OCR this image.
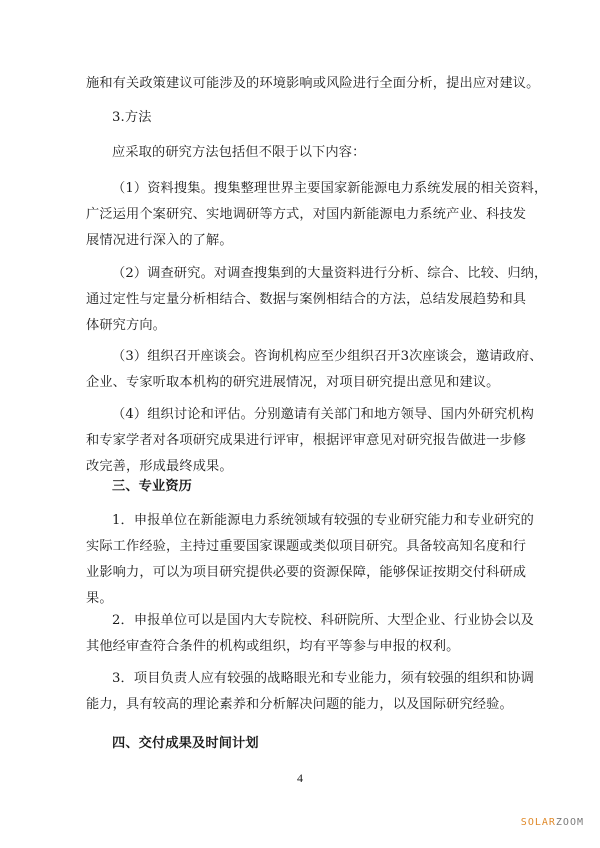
施和有关政策建议可能涉及的环境影响或风险进行全面分析，提出应对建议。

3.方法

应采取的研究方法包括但不限于以下内容：

（1）资料搜集。搜集整理世界主要国家新能源电力系统发展的相关资料，
广泛运用个案研究、实地调研等方式，对国内新能源电力系统产业、科技发
展情况进行深入的了解。

（2）调查研究。对调查搜集到的大量资料进行分析、综合、比较、归纳，
通过定性与定量分析相结合、数据与案例相结合的方法，总结发展趋势和具
体研究方向。

（3）组织召开座谈会。咨询机构应至少组织召开3次座谈会，邀请政府、
企业、专家听取本机构的研究进展情况，对项目研究提出意见和建议。

（4）组织讨论和评估。分别邀请有关部门和地方领导、国内外研究机构
和专家学者对各项研究成果进行评审，根据评审意见对研究报告做进一步修
改完善，形成最终成果。

三、专业资历

1．申报单位在新能源电力系统领域有较强的专业研究能力和专业研究的
实际工作经验，主持过重要国家课题或类似项目研究。具备较高知名度和行
业影响力，可以为项目研究提供必要的资源保障，能够保证按期交付科研成
果。

2．申报单位可以是国内大专院校、科研院所、大型企业、行业协会以及
其他经审查符合条件的机构或组织，均有平等参与申报的权利。

3．项目负责人应有较强的战略眼光和专业能力，须有较强的组织和协调
能力，具有较高的理论素养和分析解决问题的能力，以及国际研究经验。

四、交付成果及时间计划

4
SOLARZOOM
